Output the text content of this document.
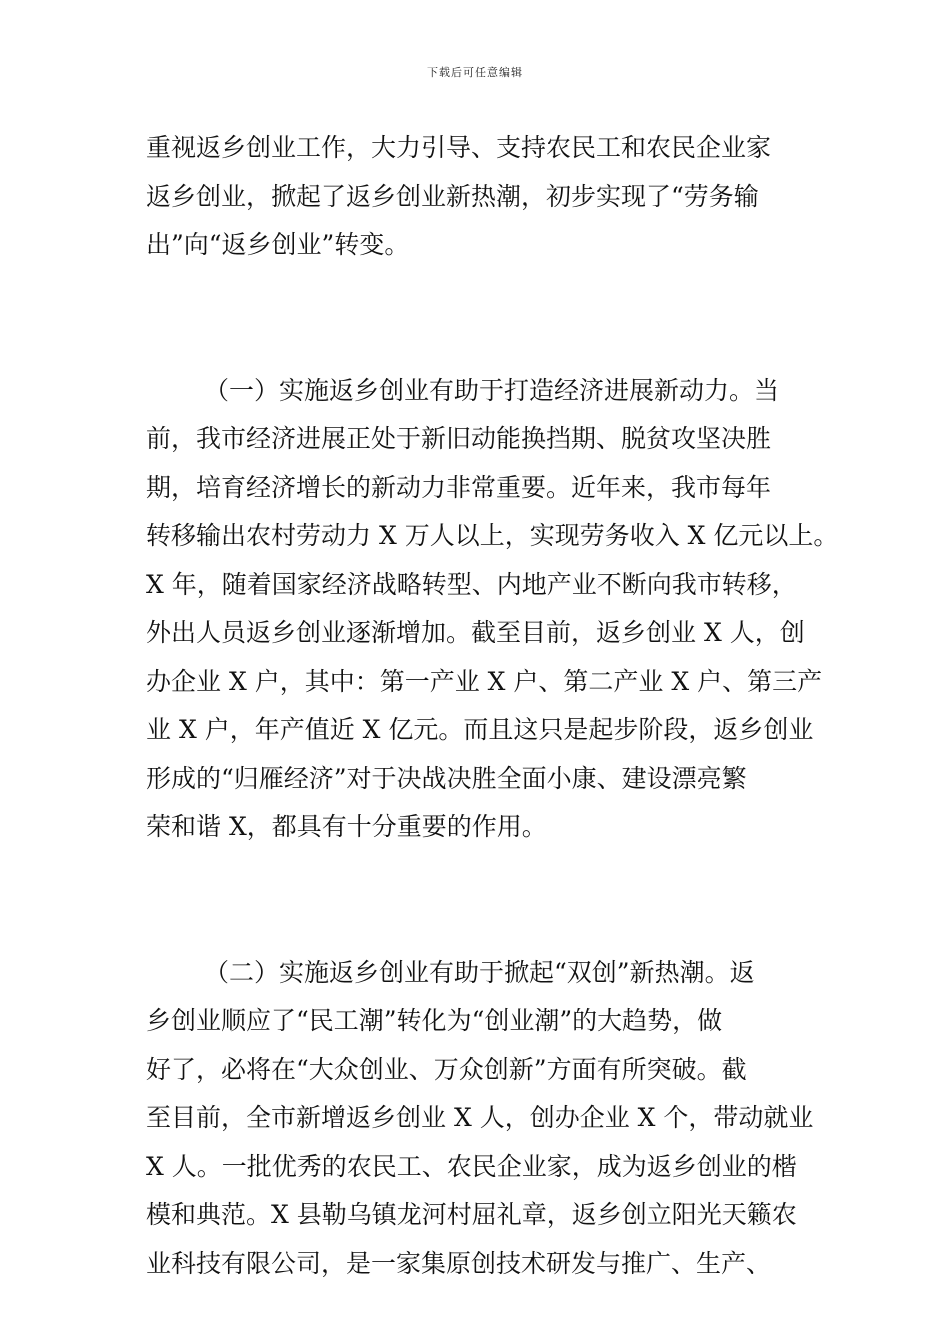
下载后可任意编辑
重视返乡创业工作，大力引导、支持农民工和农民企业家
返乡创业，掀起了返乡创业新热潮，初步实现了“劳务输
出”向“返乡创业”转变。
（一）实施返乡创业有助于打造经济进展新动力。当
前，我市经济进展正处于新旧动能换挡期、脱贫攻坚决胜
期，培育经济增长的新动力非常重要。近年来，我市每年
转移输出农村劳动力 X 万人以上，实现劳务收入 X 亿元以上。
X 年，随着国家经济战略转型、内地产业不断向我市转移，
外出人员返乡创业逐渐增加。截至目前，返乡创业 X 人，创
办企业 X 户，其中：第一产业 X 户、第二产业 X 户、第三产
业 X 户，年产值近 X 亿元。而且这只是起步阶段，返乡创业
形成的“归雁经济”对于决战决胜全面小康、建设漂亮繁
荣和谐 X，都具有十分重要的作用。
（二）实施返乡创业有助于掀起“双创”新热潮。返
乡创业顺应了“民工潮”转化为“创业潮”的大趋势，做
好了，必将在“大众创业、万众创新”方面有所突破。截
至目前，全市新增返乡创业 X 人，创办企业 X 个，带动就业
X 人。一批优秀的农民工、农民企业家，成为返乡创业的楷
模和典范。X 县勒乌镇龙河村屈礼章，返乡创立阳光天籁农
业科技有限公司，是一家集原创技术研发与推广、生产、
